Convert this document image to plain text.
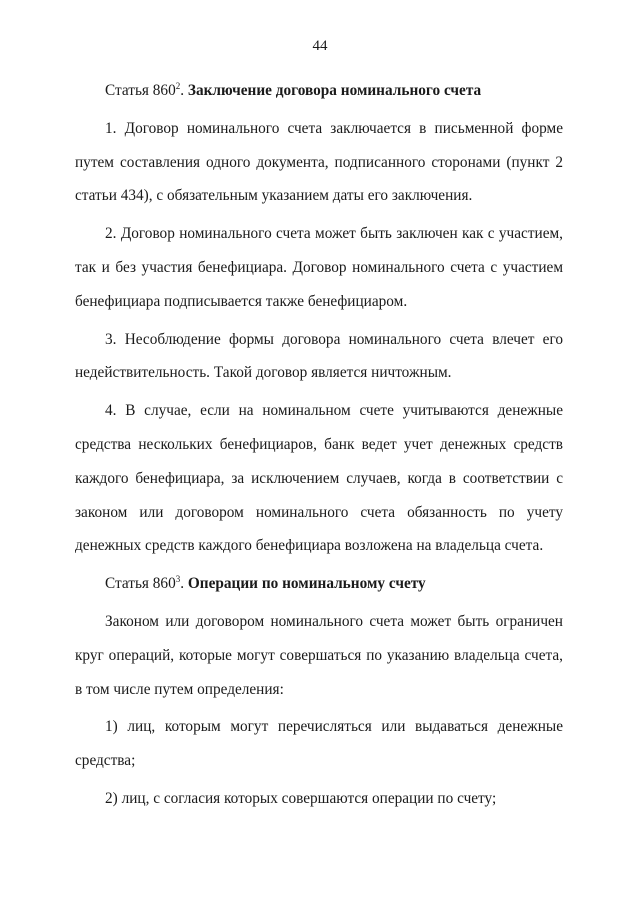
44

Статья $860^2$. Заключение договора номинального счета

1. Договор номинального счета заключается в письменной форме путем составления одного документа, подписанного сторонами (пункт 2 статьи 434), с обязательным указанием даты его заключения.

2. Договор номинального счета может быть заключен как с участием, так и без участия бенефициара. Договор номинального счета с участием бенефициара подписывается также бенефициаром.

3. Несоблюдение формы договора номинального счета влечет его недействительность. Такой договор является ничтожным.

4. В случае, если на номинальном счете учитываются денежные средства нескольких бенефициаров, банк ведет учет денежных средств каждого бенефициара, за исключением случаев, когда в соответствии с законом или договором номинального счета обязанность по учету денежных средств каждого бенефициара возложена на владельца счета.

Статья $860^3$. Операции по номинальному счету

Законом или договором номинального счета может быть ограничен круг операций, которые могут совершаться по указанию владельца счета, в том числе путем определения:

1) лиц, которым могут перечисляться или выдаваться денежные средства;

2) лиц, с согласия которых совершаются операции по счету;
